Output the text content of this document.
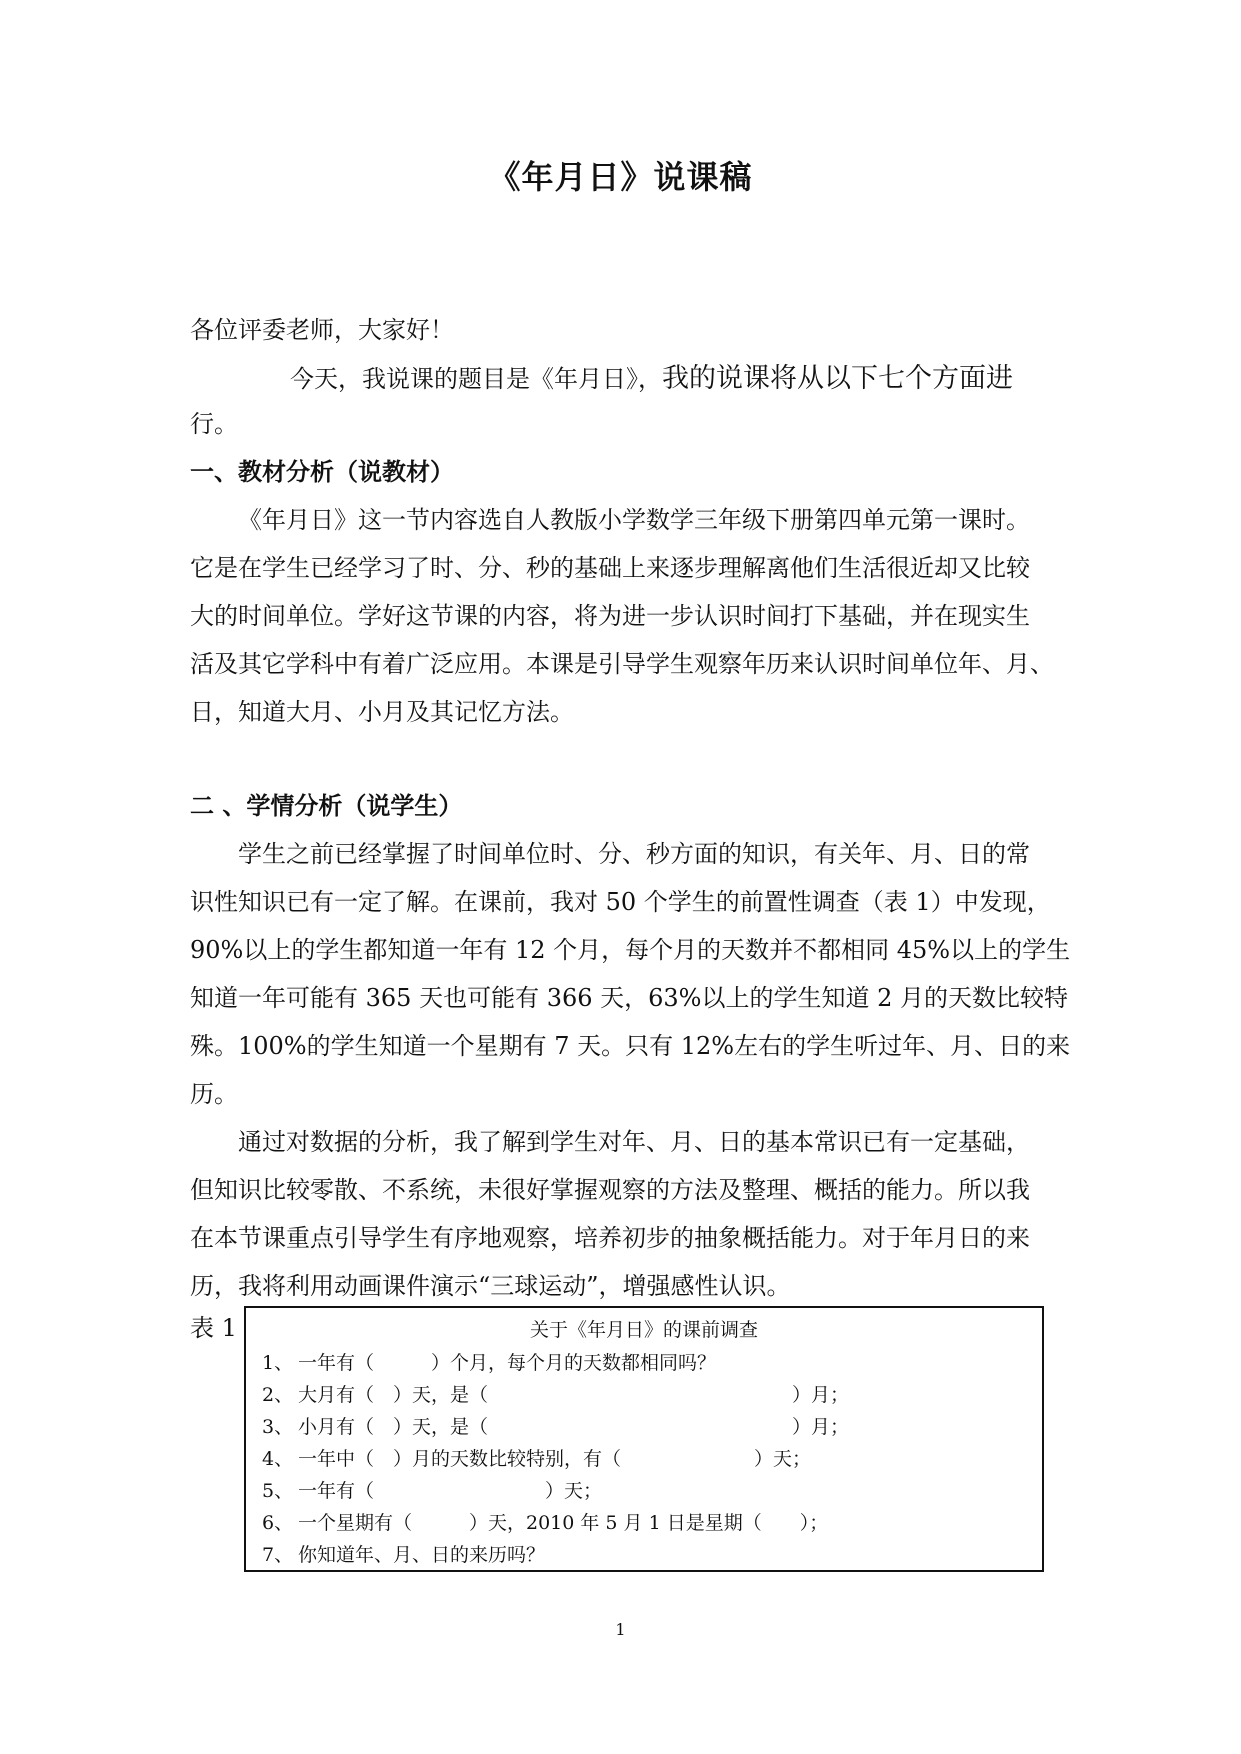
《年月日》说课稿
各位评委老师，大家好！
今天，我说课的题目是《年月日》，我的说课将从以下七个方面进
行。
一、教材分析（说教材）
《年月日》这一节内容选自人教版小学数学三年级下册第四单元第一课时。
它是在学生已经学习了时、分、秒的基础上来逐步理解离他们生活很近却又比较
大的时间单位。学好这节课的内容，将为进一步认识时间打下基础，并在现实生
活及其它学科中有着广泛应用。本课是引导学生观察年历来认识时间单位年、月、
日，知道大月、小月及其记忆方法。
二 、学情分析（说学生）
学生之前已经掌握了时间单位时、分、秒方面的知识，有关年、月、日的常
识性知识已有一定了解。在课前，我对 50 个学生的前置性调查（表 1）中发现，
90%以上的学生都知道一年有 12 个月，每个月的天数并不都相同 45%以上的学生
知道一年可能有 365 天也可能有 366 天，63%以上的学生知道 2 月的天数比较特
殊。100%的学生知道一个星期有 7 天。只有 12%左右的学生听过年、月、日的来
历。
通过对数据的分析，我了解到学生对年、月、日的基本常识已有一定基础，
但知识比较零散、不系统，未很好掌握观察的方法及整理、概括的能力。所以我
在本节课重点引导学生有序地观察，培养初步的抽象概括能力。对于年月日的来
历，我将利用动画课件演示“三球运动”，增强感性认识。
表 1	关于《年月日》的课前调查
1、 一年有（　　　）个月，每个月的天数都相同吗？
2、 大月有（　）天，是（　　　　　　　　　　　　　　　　）月；
3、 小月有（　）天，是（　　　　　　　　　　　　　　　　）月；
4、 一年中（　）月的天数比较特别，有（　　　　　　　）天；
5、 一年有（　　　　　　　　　）天；
6、 一个星期有（　　　）天，2010 年 5 月 1 日是星期（　　）；
7、 你知道年、月、日的来历吗？
1
